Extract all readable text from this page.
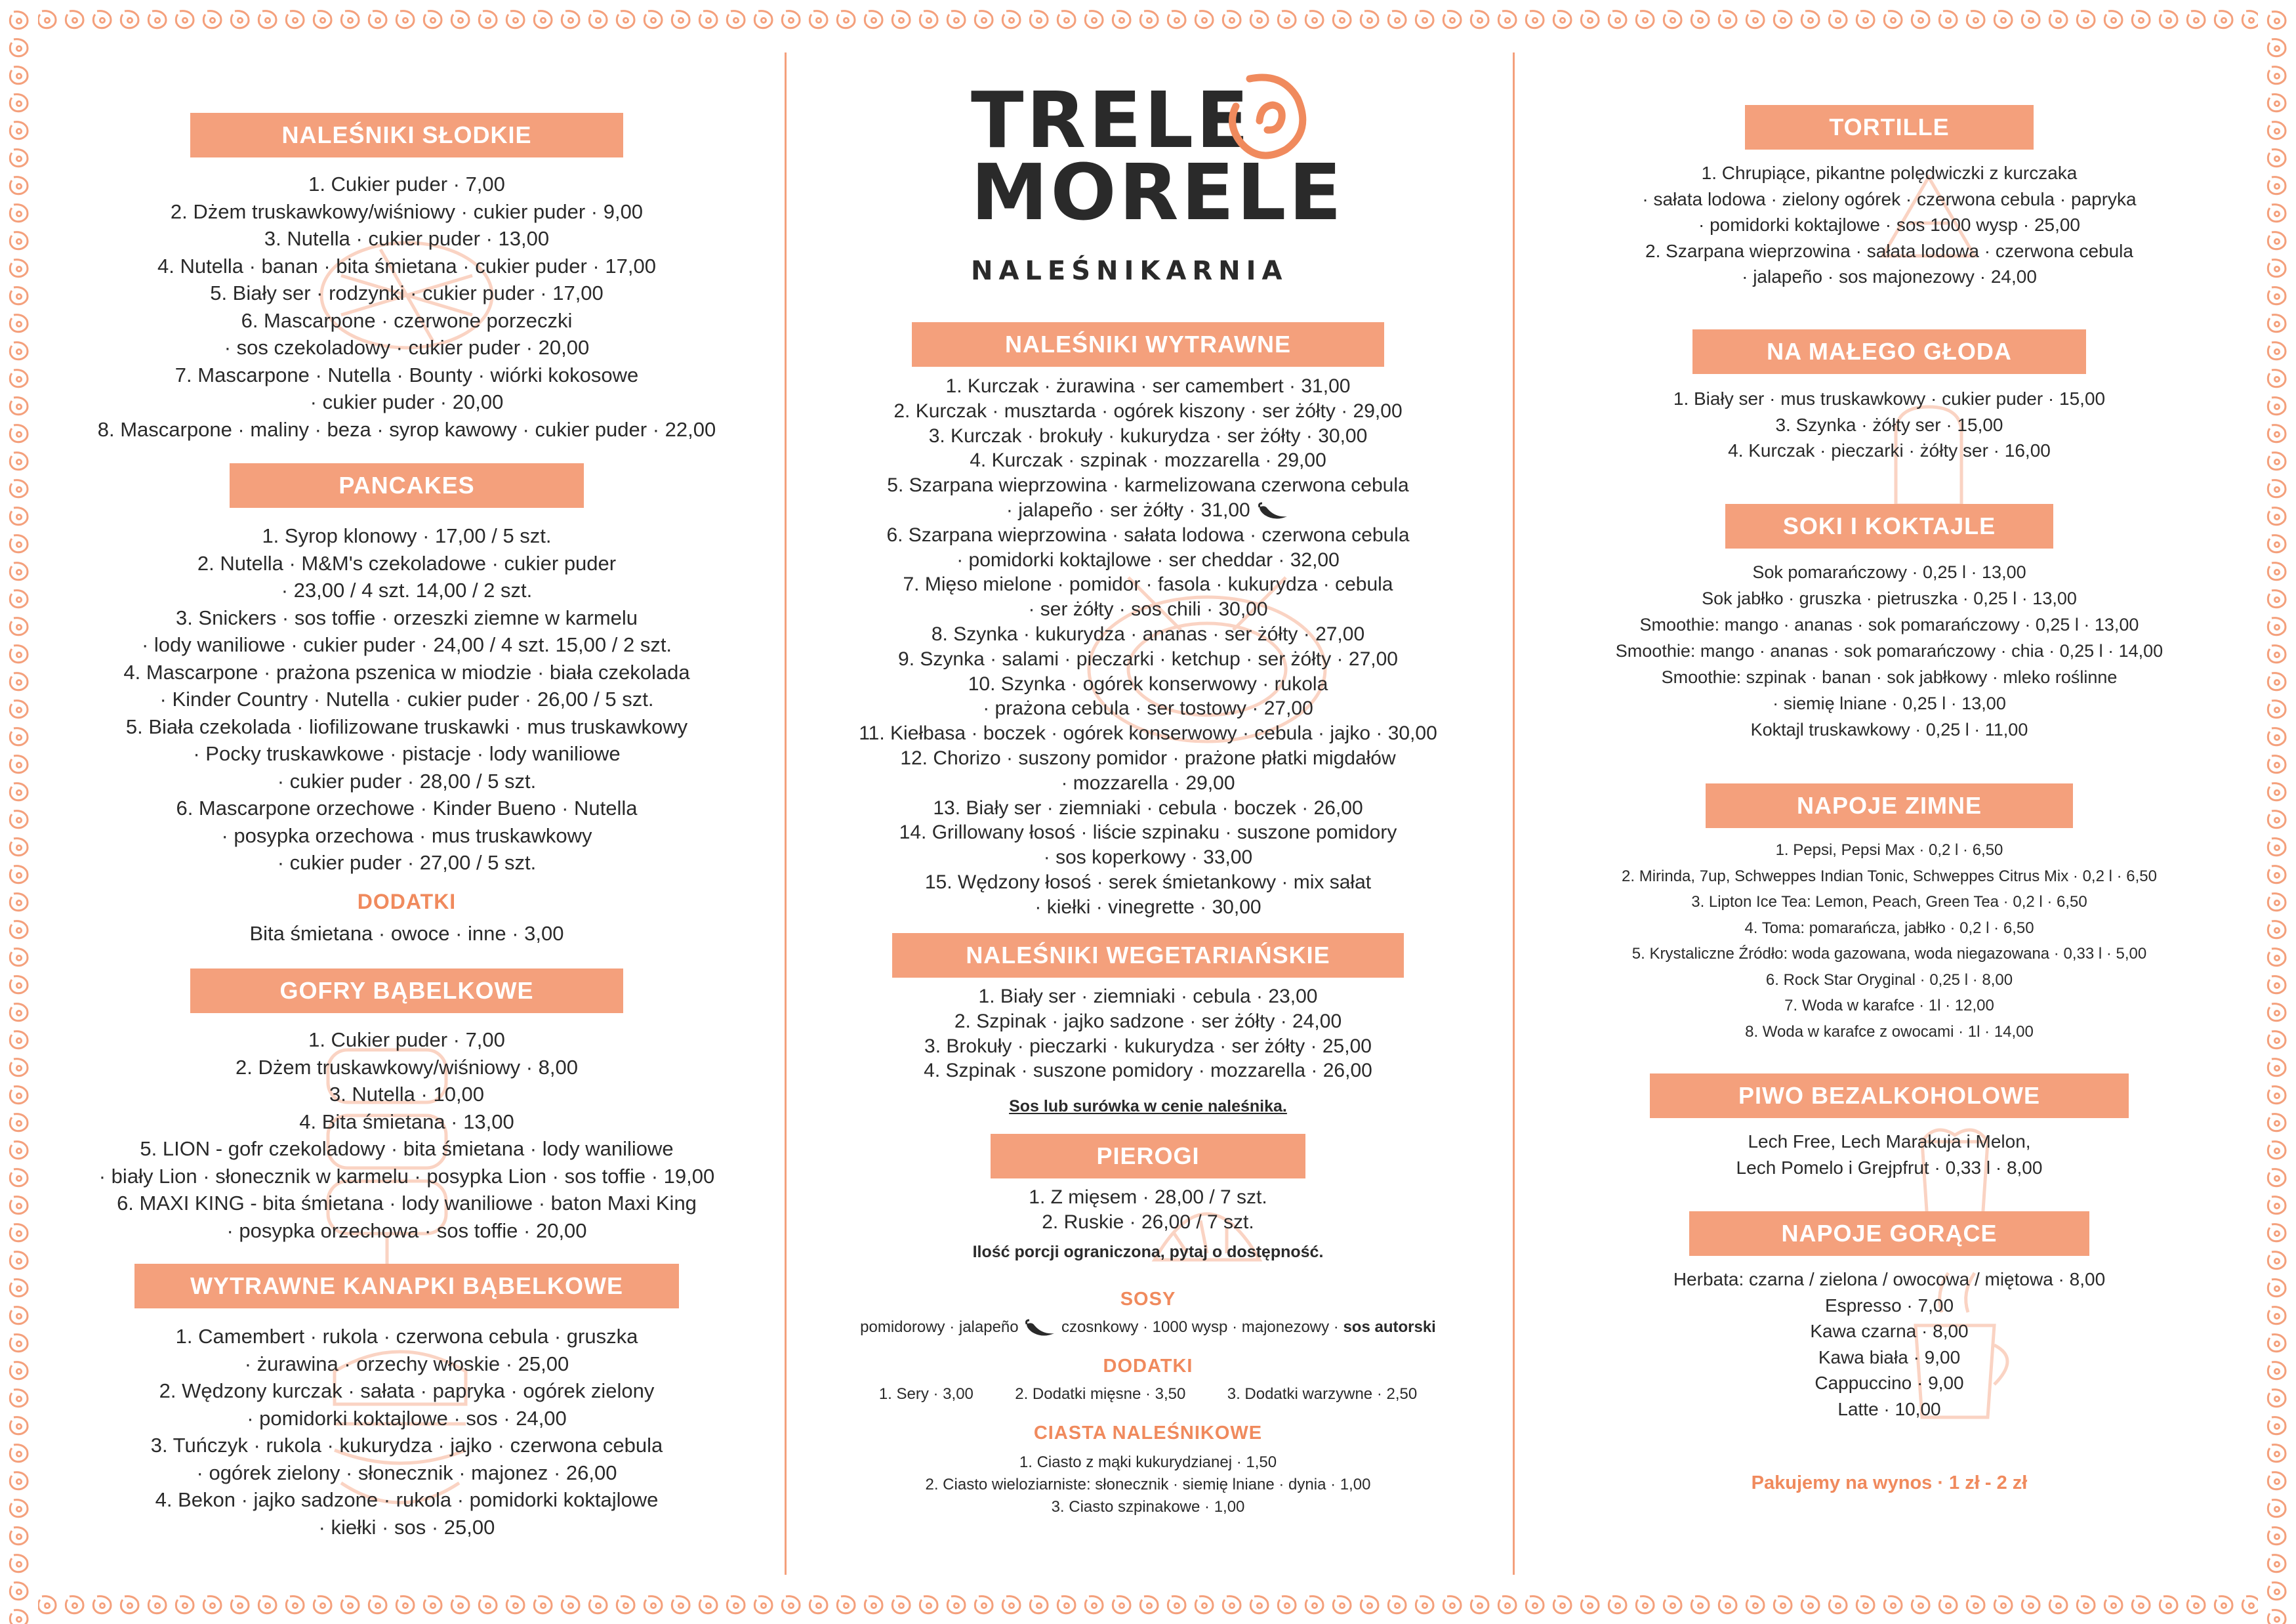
NALEŚNIKI SŁODKIE
1. Cukier puder · 7,00
2. Dżem truskawkowy/wiśniowy · cukier puder · 9,00
3. Nutella · cukier puder · 13,00
4. Nutella · banan · bita śmietana · cukier puder · 17,00
5. Biały ser · rodzynki · cukier puder · 17,00
6. Mascarpone · czerwone porzeczki
· sos czekoladowy · cukier puder · 20,00
7. Mascarpone · Nutella · Bounty · wiórki kokosowe
· cukier puder · 20,00
8. Mascarpone · maliny · beza · syrop kawowy · cukier puder · 22,00
PANCAKES
1. Syrop klonowy · 17,00 / 5 szt.
2. Nutella · M&M's czekoladowe · cukier puder
· 23,00 / 4 szt. 14,00 / 2 szt.
3. Snickers · sos toffie · orzeszki ziemne w karmelu
· lody waniliowe · cukier puder · 24,00 / 4 szt. 15,00 / 2 szt.
4. Mascarpone · prażona pszenica w miodzie · biała czekolada
· Kinder Country · Nutella · cukier puder · 26,00 / 5 szt.
5. Biała czekolada · liofilizowane truskawki · mus truskawkowy
· Pocky truskawkowe · pistacje · lody waniliowe
· cukier puder · 28,00 / 5 szt.
6. Mascarpone orzechowe · Kinder Bueno · Nutella
· posypka orzechowa · mus truskawkowy
· cukier puder · 27,00 / 5 szt.
DODATKI
Bita śmietana · owoce · inne · 3,00
GOFRY BĄBELKOWE
1. Cukier puder · 7,00
2. Dżem truskawkowy/wiśniowy · 8,00
3. Nutella · 10,00
4. Bita śmietana · 13,00
5. LION - gofr czekoladowy · bita śmietana · lody waniliowe
· biały Lion · słonecznik w karmelu · posypka Lion · sos toffie · 19,00
6. MAXI KING - bita śmietana · lody waniliowe · baton Maxi King
· posypka orzechowa · sos toffie · 20,00
WYTRAWNE KANAPKI BĄBELKOWE
1. Camembert · rukola · czerwona cebula · gruszka
· żurawina · orzechy włoskie · 25,00
2. Wędzony kurczak · sałata · papryka · ogórek zielony
· pomidorki koktajlowe · sos · 24,00
3. Tuńczyk · rukola · kukurydza · jajko · czerwona cebula
· ogórek zielony · słonecznik · majonez · 26,00
4. Bekon · jajko sadzone · rukola · pomidorki koktajlowe
· kiełki · sos · 25,00
TRELE
MORELE
NALEŚNIKARNIA
NALEŚNIKI WYTRAWNE
1. Kurczak · żurawina · ser camembert · 31,00
2. Kurczak · musztarda · ogórek kiszony · ser żółty · 29,00
3. Kurczak · brokuły · kukurydza · ser żółty · 30,00
4. Kurczak · szpinak · mozzarella · 29,00
5. Szarpana wieprzowina · karmelizowana czerwona cebula
· jalapeño · ser żółty · 31,00
6. Szarpana wieprzowina · sałata lodowa · czerwona cebula
· pomidorki koktajlowe · ser cheddar · 32,00
7. Mięso mielone · pomidor · fasola · kukurydza · cebula
· ser żółty · sos chili · 30,00
8. Szynka · kukurydza · ananas · ser żółty · 27,00
9. Szynka · salami · pieczarki · ketchup · ser żółty · 27,00
10. Szynka · ogórek konserwowy · rukola
· prażona cebula · ser tostowy · 27,00
11. Kiełbasa · boczek · ogórek konserwowy · cebula · jajko · 30,00
12. Chorizo · suszony pomidor · prażone płatki migdałów
· mozzarella · 29,00
13. Biały ser · ziemniaki · cebula · boczek · 26,00
14. Grillowany łosoś · liście szpinaku · suszone pomidory
· sos koperkowy · 33,00
15. Wędzony łosoś · serek śmietankowy · mix sałat
· kiełki · vinegrette · 30,00
NALEŚNIKI WEGETARIAŃSKIE
1. Biały ser · ziemniaki · cebula · 23,00
2. Szpinak · jajko sadzone · ser żółty · 24,00
3. Brokuły · pieczarki · kukurydza · ser żółty · 25,00
4. Szpinak · suszone pomidory · mozzarella · 26,00
Sos lub surówka w cenie naleśnika.
PIEROGI
1. Z mięsem · 28,00 / 7 szt.
2. Ruskie · 26,00 / 7 szt.
Ilość porcji ograniczona, pytaj o dostępność.
SOSY
pomidorowy · jalapeño	czosnkowy · 1000 wysp · majonezowy · sos autorski
DODATKI
1. Sery · 3,00	2. Dodatki mięsne · 3,50	3. Dodatki warzywne · 2,50
CIASTA NALEŚNIKOWE
1. Ciasto z mąki kukurydzianej · 1,50
2. Ciasto wieloziarniste: słonecznik · siemię lniane · dynia · 1,00
3. Ciasto szpinakowe · 1,00
TORTILLE
1. Chrupiące, pikantne polędwiczki z kurczaka
· sałata lodowa · zielony ogórek · czerwona cebula · papryka
· pomidorki koktajlowe · sos 1000 wysp · 25,00
2. Szarpana wieprzowina · sałata lodowa · czerwona cebula
· jalapeño · sos majonezowy · 24,00
NA MAŁEGO GŁODA
1. Biały ser · mus truskawkowy · cukier puder · 15,00
3. Szynka · żółty ser · 15,00
4. Kurczak · pieczarki · żółty ser · 16,00
SOKI I KOKTAJLE
Sok pomarańczowy · 0,25 l · 13,00
Sok jabłko · gruszka · pietruszka · 0,25 l · 13,00
Smoothie: mango · ananas · sok pomarańczowy · 0,25 l · 13,00
Smoothie: mango · ananas · sok pomarańczowy · chia · 0,25 l · 14,00
Smoothie: szpinak · banan · sok jabłkowy · mleko roślinne
· siemię lniane · 0,25 l · 13,00
Koktajl truskawkowy · 0,25 l · 11,00
NAPOJE ZIMNE
1. Pepsi, Pepsi Max · 0,2 l · 6,50
2. Mirinda, 7up, Schweppes Indian Tonic, Schweppes Citrus Mix · 0,2 l · 6,50
3. Lipton Ice Tea: Lemon, Peach, Green Tea · 0,2 l · 6,50
4. Toma: pomarańcza, jabłko · 0,2 l · 6,50
5. Krystaliczne Źródło: woda gazowana, woda niegazowana · 0,33 l · 5,00
6. Rock Star Oryginal · 0,25 l · 8,00
7. Woda w karafce · 1l · 12,00
8. Woda w karafce z owocami · 1l · 14,00
PIWO BEZALKOHOLOWE
Lech Free, Lech Marakuja i Melon,
Lech Pomelo i Grejpfrut · 0,33 l · 8,00
NAPOJE GORĄCE
Herbata: czarna / zielona / owocowa / miętowa · 8,00
Espresso · 7,00
Kawa czarna · 8,00
Kawa biała · 9,00
Cappuccino · 9,00
Latte · 10,00
Pakujemy na wynos · 1 zł - 2 zł
